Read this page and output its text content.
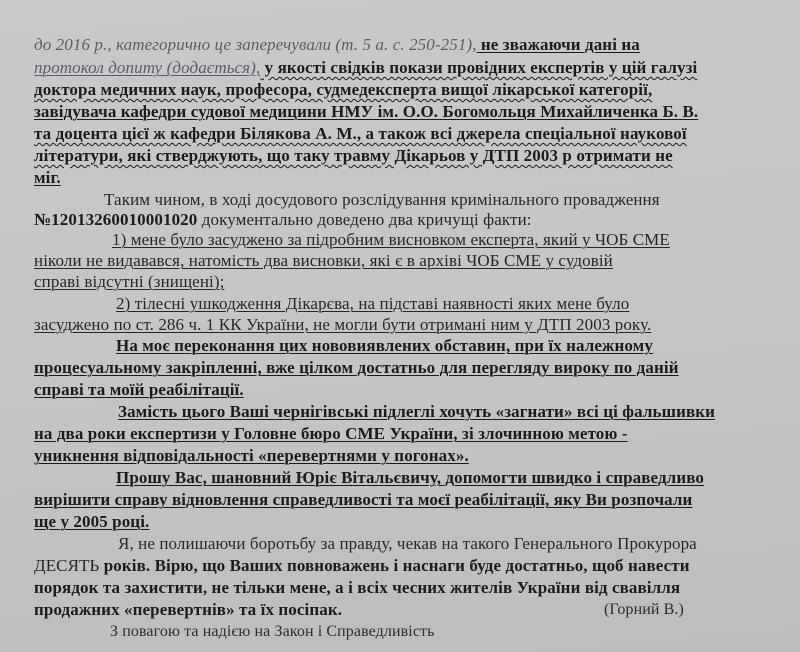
до 2016 р., категорично це заперечували (т. 5 а. с. 250-251), не зважаючи дані на
протокол допиту (додається), у якості свідків покази провідних експертів у цій галузі
доктора медичних наук, професора, судмедексперта вищої лікарської категорії,
завідувача кафедри судової медицини НМУ ім. О.О. Богомольця Михайличенка Б. В.
та доцента цієї ж кафедри Білякова А. М., а також всі джерела спеціальної наукової
літератури, які стверджують, що таку травму Дікарьов у ДТП 2003 р отримати не
міг.
Таким чином, в ході досудового розслідування кримінального провадження
№12013260010001020 документально доведено два кричущі факти:
1) мене було засуджено за підробним висновком експерта, який у ЧОБ СМЕ
ніколи не видавався, натомість два висновки, які є в архіві ЧОБ СМЕ у судовій
справі відсутні (знищені);
2) тілесні ушкодження Дікарєва, на підставі наявності яких мене було
засуджено по ст. 286 ч. 1 КК України, не могли бути отримані ним у ДТП 2003 року.
На моє переконання цих нововиявлених обставин, при їх належному
процесуальному закріпленні, вже цілком достатньо для перегляду вироку по даній
справі та моїй реабілітації.
Замість цього Ваші чернігівські підлеглі хочуть «загнати» всі ці фальшивки
на два роки експертизи у Головне бюро СМЕ України, зі злочинною метою -
уникнення відповідальності «перевертнями у погонах».
Прошу Вас, шановний Юріє Вітальєвичу, допомогти швидко і справедливо
вирішити справу відновлення справедливості та моєї реабілітації, яку Ви розпочали
ще у 2005 році.
Я, не полишаючи боротьбу за правду, чекав на такого Генерального Прокурора
ДЕСЯТЬ років. Вірю, що Ваших повноважень і наснаги буде достатньо, щоб навести
порядок та захистити, не тільки мене, а і всіх чесних жителів України від свавілля
продажних «перевертнів» та їх посіпак.
З повагою та надією на Закон і Справедливість
(Горний В.)
